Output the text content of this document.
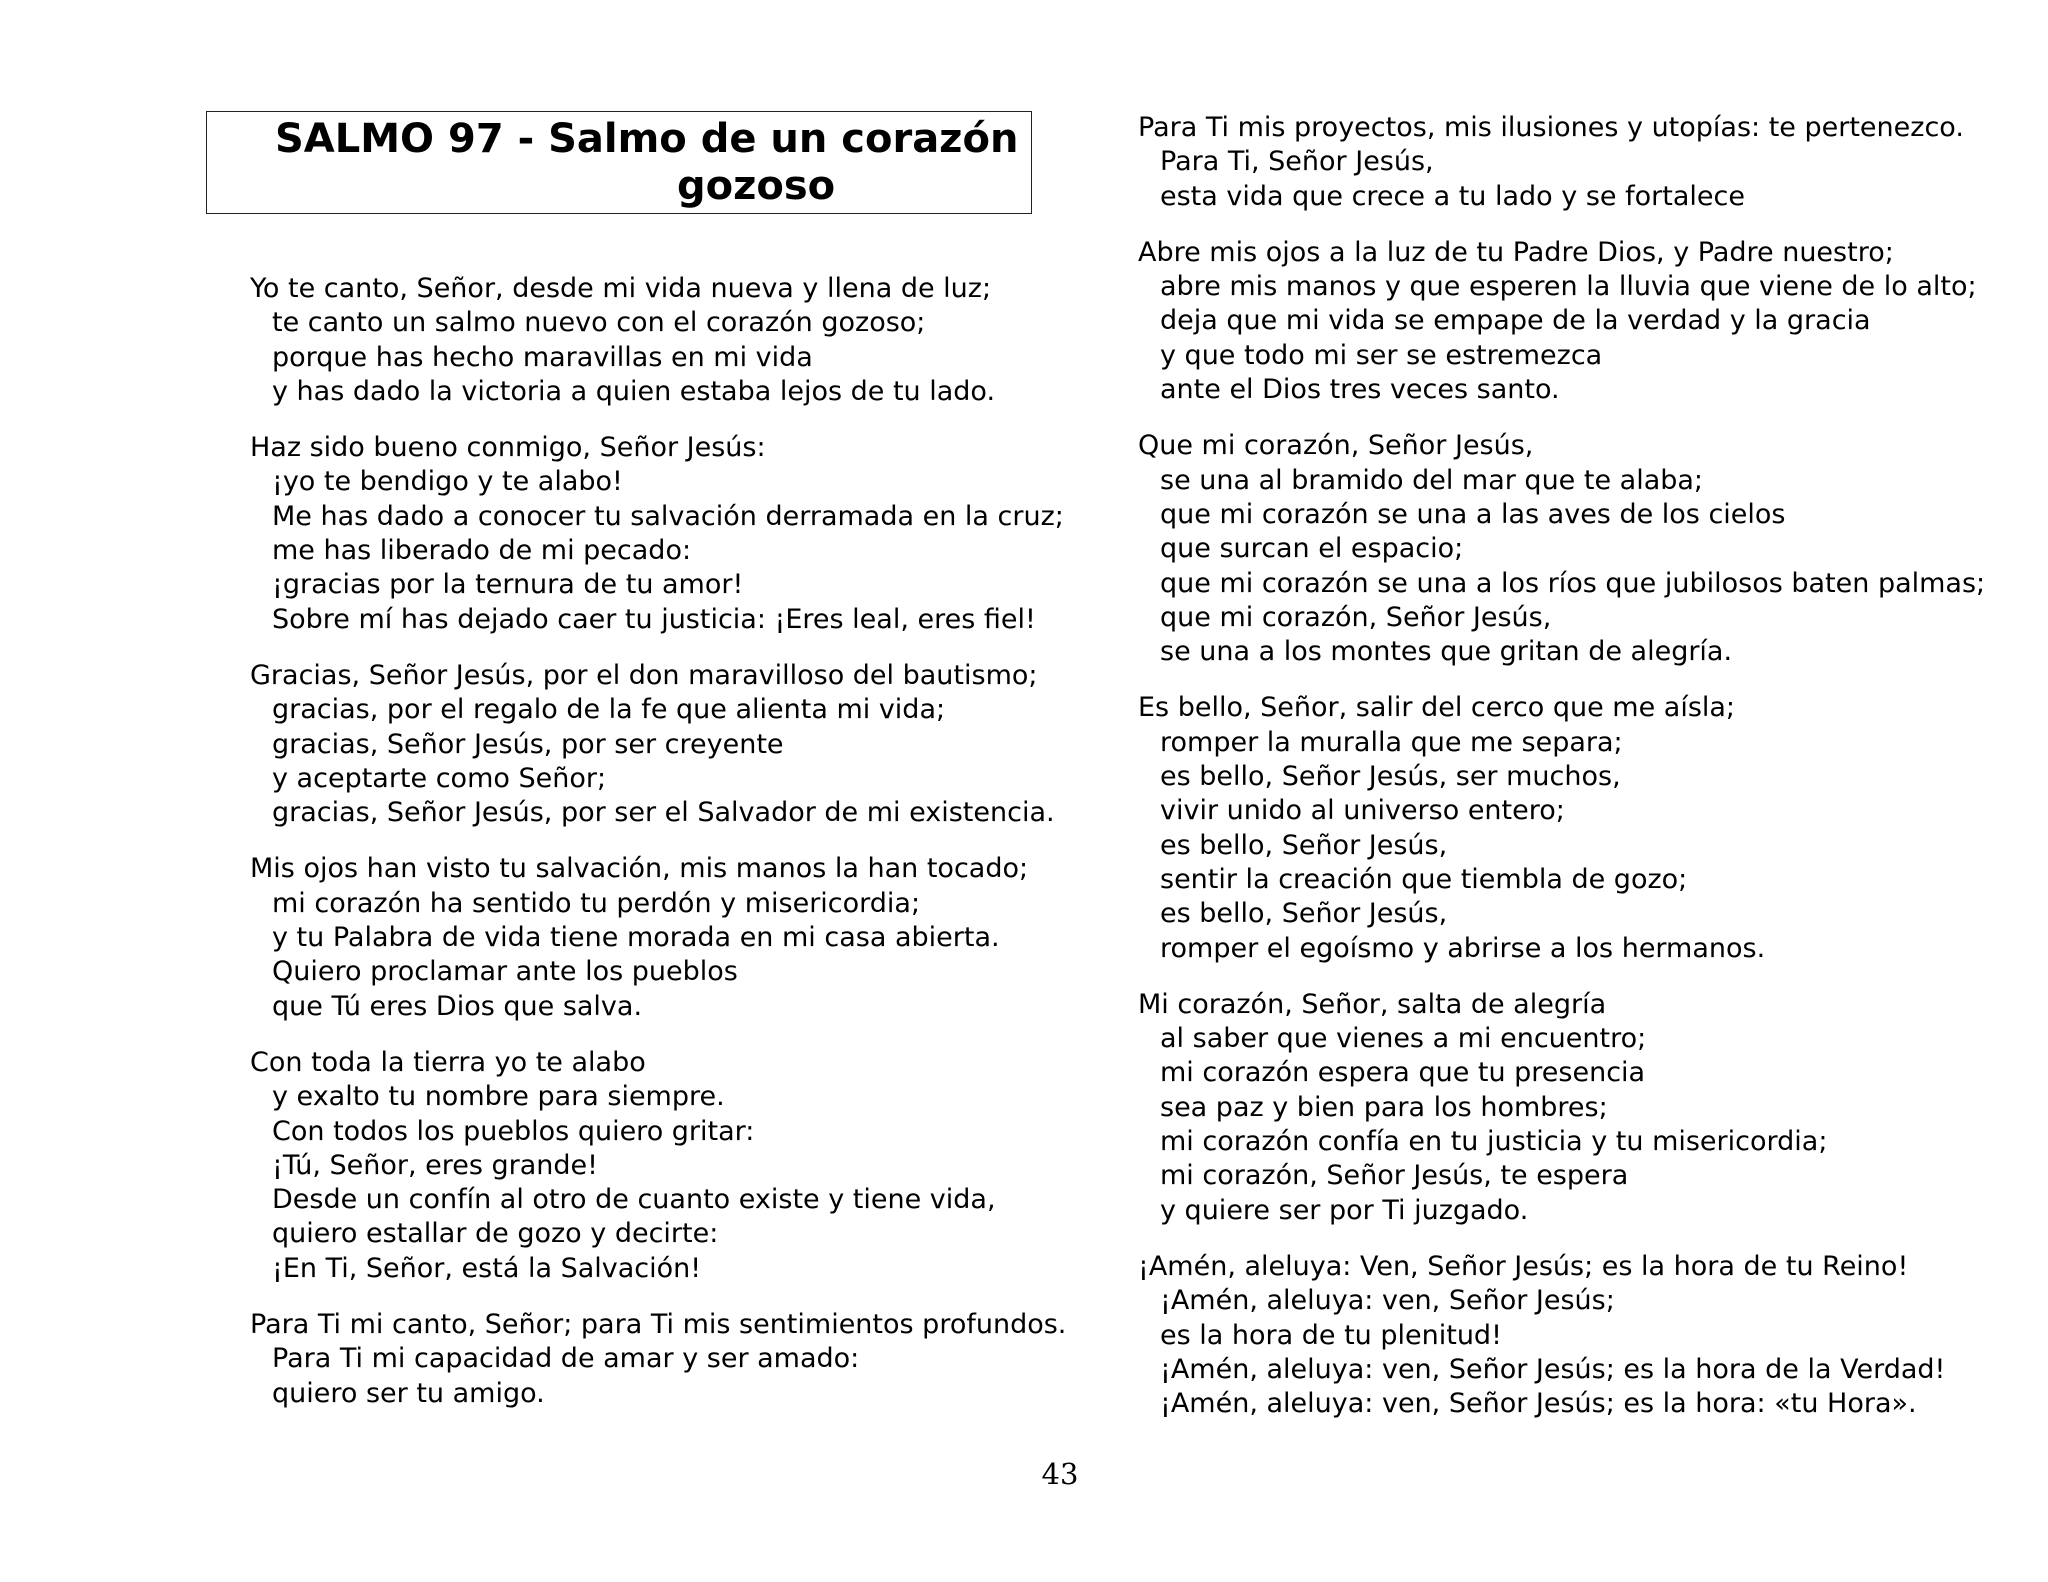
SALMO 97 - Salmo de un corazón
gozoso
Yo te canto, Señor, desde mi vida nueva y llena de luz;
te canto un salmo nuevo con el corazón gozoso;
porque has hecho maravillas en mi vida
y has dado la victoria a quien estaba lejos de tu lado.
Haz sido bueno conmigo, Señor Jesús:
¡yo te bendigo y te alabo!
Me has dado a conocer tu salvación derramada en la cruz;
me has liberado de mi pecado:
¡gracias por la ternura de tu amor!
Sobre mí has dejado caer tu justicia: ¡Eres leal, eres fiel!
Gracias, Señor Jesús, por el don maravilloso del bautismo;
gracias, por el regalo de la fe que alienta mi vida;
gracias, Señor Jesús, por ser creyente
y aceptarte como Señor;
gracias, Señor Jesús, por ser el Salvador de mi existencia.
Mis ojos han visto tu salvación, mis manos la han tocado;
mi corazón ha sentido tu perdón y misericordia;
y tu Palabra de vida tiene morada en mi casa abierta.
Quiero proclamar ante los pueblos
que Tú eres Dios que salva.
Con toda la tierra yo te alabo
y exalto tu nombre para siempre.
Con todos los pueblos quiero gritar:
¡Tú, Señor, eres grande!
Desde un confín al otro de cuanto existe y tiene vida,
quiero estallar de gozo y decirte:
¡En Ti, Señor, está la Salvación!
Para Ti mi canto, Señor; para Ti mis sentimientos profundos.
Para Ti mi capacidad de amar y ser amado:
quiero ser tu amigo.
Para Ti mis proyectos, mis ilusiones y utopías: te pertenezco.
Para Ti, Señor Jesús,
esta vida que crece a tu lado y se fortalece
Abre mis ojos a la luz de tu Padre Dios, y Padre nuestro;
abre mis manos y que esperen la lluvia que viene de lo alto;
deja que mi vida se empape de la verdad y la gracia
y que todo mi ser se estremezca
ante el Dios tres veces santo.
Que mi corazón, Señor Jesús,
se una al bramido del mar que te alaba;
que mi corazón se una a las aves de los cielos
que surcan el espacio;
que mi corazón se una a los ríos que jubilosos baten palmas;
que mi corazón, Señor Jesús,
se una a los montes que gritan de alegría.
Es bello, Señor, salir del cerco que me aísla;
romper la muralla que me separa;
es bello, Señor Jesús, ser muchos,
vivir unido al universo entero;
es bello, Señor Jesús,
sentir la creación que tiembla de gozo;
es bello, Señor Jesús,
romper el egoísmo y abrirse a los hermanos.
Mi corazón, Señor, salta de alegría
al saber que vienes a mi encuentro;
mi corazón espera que tu presencia
sea paz y bien para los hombres;
mi corazón confía en tu justicia y tu misericordia;
mi corazón, Señor Jesús, te espera
y quiere ser por Ti juzgado.
¡Amén, aleluya: Ven, Señor Jesús; es la hora de tu Reino!
¡Amén, aleluya: ven, Señor Jesús;
es la hora de tu plenitud!
¡Amén, aleluya: ven, Señor Jesús; es la hora de la Verdad!
¡Amén, aleluya: ven, Señor Jesús; es la hora: «tu Hora».
43
